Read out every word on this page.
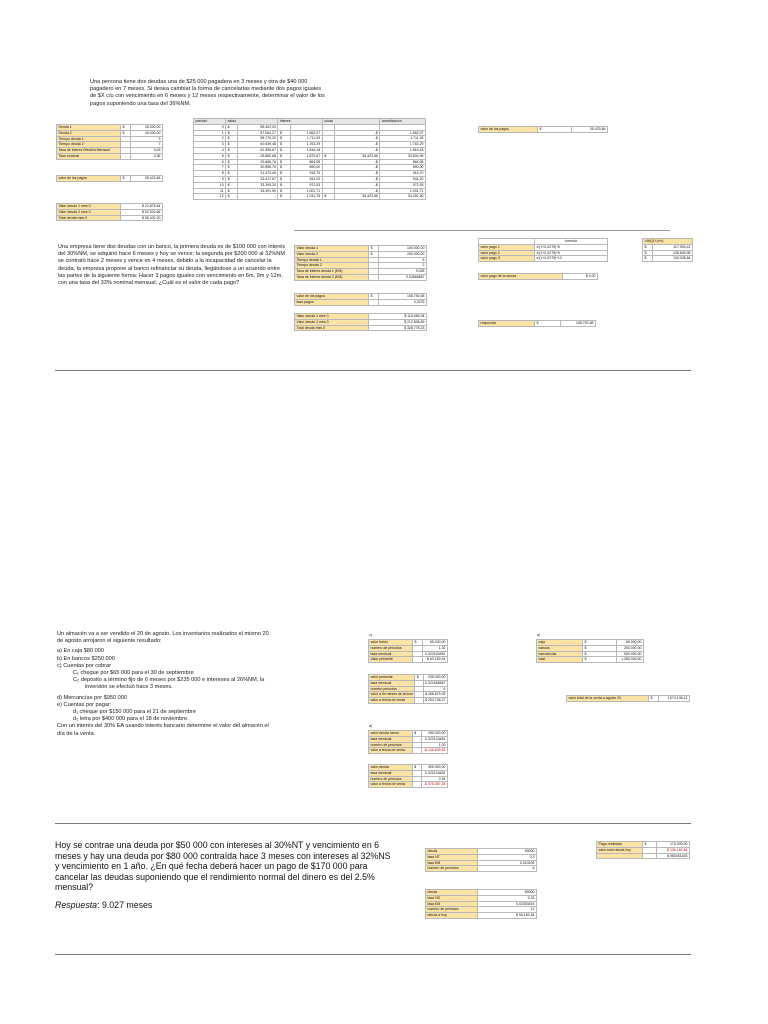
Una persona tiene dos deudas una de $25 000 pagadera en 3 meses y otra de $40 000 pagadero en 7 meses. Si desea cambiar la forma de cancelarlas mediante dos pagos iguales de $X c/u con vencimiento en 6 meses y 12 meses respectivamente, determinar el valor de los pagos suponiendo una tasa del 36%NM.

Deuda 1	$	25.000,00
Deuda 2	$	40.000,00
Tiempo deuda 1		3
Tiempo deuda 2		7
Tasa de interes Efectiva Mensual		0,03
Tasa nominal		0,36
valor de los pagos	$	35.423,66
Valor deuda 1 mes 0	$ 22.878,54
Valor deuda 2 mes 0	$ 32.523,66
Total deuda mes 0	$ 55.402,20
periodo	saldo		interes		cuota		amortizacion
0	$	55.402,20					
1	$	57.064,27	$	1.662,07		-$	1.662,07
2	$	58.776,20	$	1.711,93		-$	1.711,93
3	$	60.539,48	$	1.763,29		-$	1.763,29
4	$	62.355,67	$	1.816,18		-$	1.816,18
5	$	28.850,68	$	1.870,67	$	35.423,66	33.504,99
6	$	29.666,76	$	864,08		-$	864,08
7	$	30.556,76	$	890,00		-$	890,00
8	$	31.473,46	$	916,70		-$	916,70
9	$	32.417,67	$	944,20		-$	944,20
10	$	33.390,20	$	972,53		-$	972,53
11	$	34.391,90	$	1.001,71		-$	1.001,71
12	$	-	$	1.031,76	$	35.423,66	34.391,90
valor de los pagos	$	35.423,66

Una empresa tiene dos deudas con un banco, la primera deuda es de $100 000 con interés del 30%NM, se adquirió hace 6 meses y hoy se vence; la segunda por $200 000 al 32%NM se contrató hace 2 meses y vence en 4 meses, debido a la incapacidad de cancelar la deuda, la empresa propone al banco refinanciar su deuda, llegándose a un acuerdo entre las partes de la siguiente forma: Hacer 3 pagos iguales con vencimiento en 6m, 9m y 12m, con una tasa del 33% nominal mensual. ¿Cuál es el valor de cada pago?

Valor deuda 1	$	100.000,00
Valor deuda 2	$	200.000,00
Tiempo deuda 1		6
Tiempo deuda 2		2
Tasa de interes deuda 1 (EM)		0,025
Tasa de interes deuda 2 (EM)		0,02666667
valor de los pagos	$	108.792,65
tasa pagos		0,0275
Valor deuda 1 mes 0	$ 115.969,34
Valor deuda 2 mes 0	$ 212.808,89
Total deuda mes 0	$ 328.778,23
	formula
valor pago 1	x/(1+0,0275)^6
valor pago 2	x/(1+0,0275)^9
valor pago 3	x/(1+0,0275)^12
valor pago de la deuda	$ 0,00
respuesta	$	108.792,65
=M/((1+i)^n)	
$	117.903,41
$	108.605,98
$	100.038,84

Un almacén va a ser vendido el 20 de agosto. Los inventarios realizados el mismo 20

de agosto arrojaron el siguiente resultado:

a) En caja $80 000

b) En bancos $250 000

c) Cuentas por cobrar

C₁ cheque por $65 000 para el 30 de septiembre

C₂ depósito a término fijo de 6 meses por $235 000 e intereses al 26%NM, la

inversión se efectuó hace 3 meses.

d) Mercancías por $950 000

e) Cuentas por pagar:

d₁ cheque por $150 000 para el 21 de septiembre

d₂ letra por $400 000 para el 18 de noviembre.

Con un interés del 30% EA usando interés bancario determine el valor del almacén el

día de la venta.

c)
valor futuro	$	65.000,00
numero de periodos		1,32
tasa mensual		0,022104451
Valor presente		$ 63.150,91
valor presente	$	235.000,00
tasa mensual		0,021666667
numero periodos		6
valor a fin meses de la inve		$ 268.879,93
valor a fecha de venta		$ 253.746,27
d)
valor deuda futura	$	150.000,00
tasa mensual		0,022104451
numero de periodos		1,03
valor a fecha de venta		-$ 146.633,81
valor deuda	$	400.000,00
tasa mensual		0,022104451
numero de periodos		2,94
valor a fecha de venta		-$ 375.087,24
a)
caja	$	80.000,00
bancos	$	250.000,00
mercancias	$	950.000,00
total	$	1.280.000,00
valor total de la venta a agosto 20	$	1.074.148,12

Hoy se contrae una deuda por $50 000 con intereses al 30%NT y vencimiento en 6 meses y hay una deuda por $80 000 contraída hace 3 meses con intereses al 32%NS y vencimiento en 1 año. ¿En qué fecha deberá hacer un pago de $170 000 para cancelar las deudas suponiendo que el rendimiento normal del dinero es del 2.5% mensual?

Respuesta: 9.027 meses

deuda	50000
tasa NT	0,3
tasa EM	0,024109
numero de periodos	6
deuda	80000
tasa NS	0,32
tasa EM	0,02354416
numero de periodos	12
deuda a hoy	$ 96.162,64
Pago realizado	$	170.000,00
valor total deuda hoy		-$ 136.162,64
		8,980451643
